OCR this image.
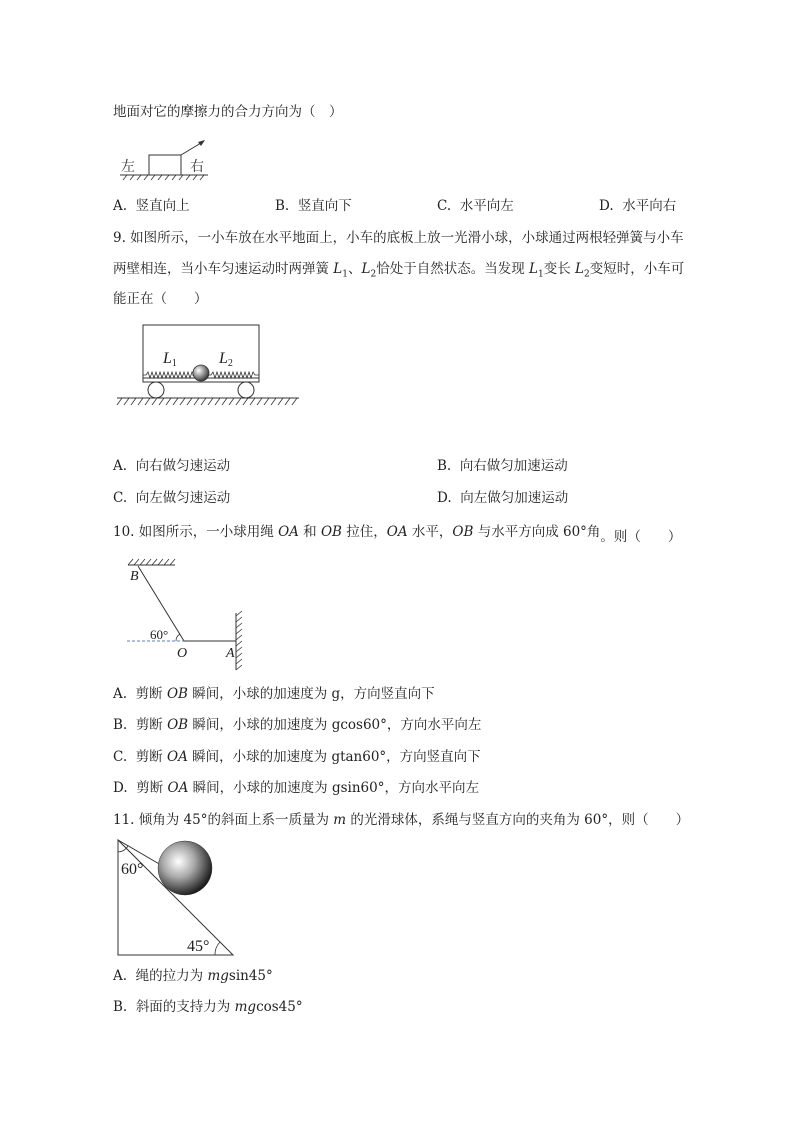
地面对它的摩擦力的合力方向为（　）
左	右
A. 竖直向上	B. 竖直向下	C. 水平向左	D. 水平向右
9. 如图所示，一小车放在水平地面上，小车的底板上放一光滑小球，小球通过两根轻弹簧与小车
两壁相连，当小车匀速运动时两弹簧 $L_1$、$L_2$恰处于自然状态。当发现 $L_1$变长 $L_2$变短时，小车可
能正在（　　）
L1	L2
A. 向右做匀速运动	B. 向右做匀加速运动
C. 向左做匀速运动	D. 向左做匀加速运动
10. 如图所示，一小球用绳 OA 和 OB 拉住，OA 水平，OB 与水平方向成 60°角。则（　　）
60°
B
O	A
A. 剪断 OB 瞬间，小球的加速度为 g，方向竖直向下
B. 剪断 OB 瞬间，小球的加速度为 gcos60°，方向水平向左
C. 剪断 OA 瞬间，小球的加速度为 gtan60°，方向竖直向下
D. 剪断 OA 瞬间，小球的加速度为 gsin60°，方向水平向左
11. 倾角为 45°的斜面上系一质量为 m 的光滑球体，系绳与竖直方向的夹角为 60°，则（　　）
60°
45°
A. 绳的拉力为 mgsin45°
B. 斜面的支持力为 mgcos45°
